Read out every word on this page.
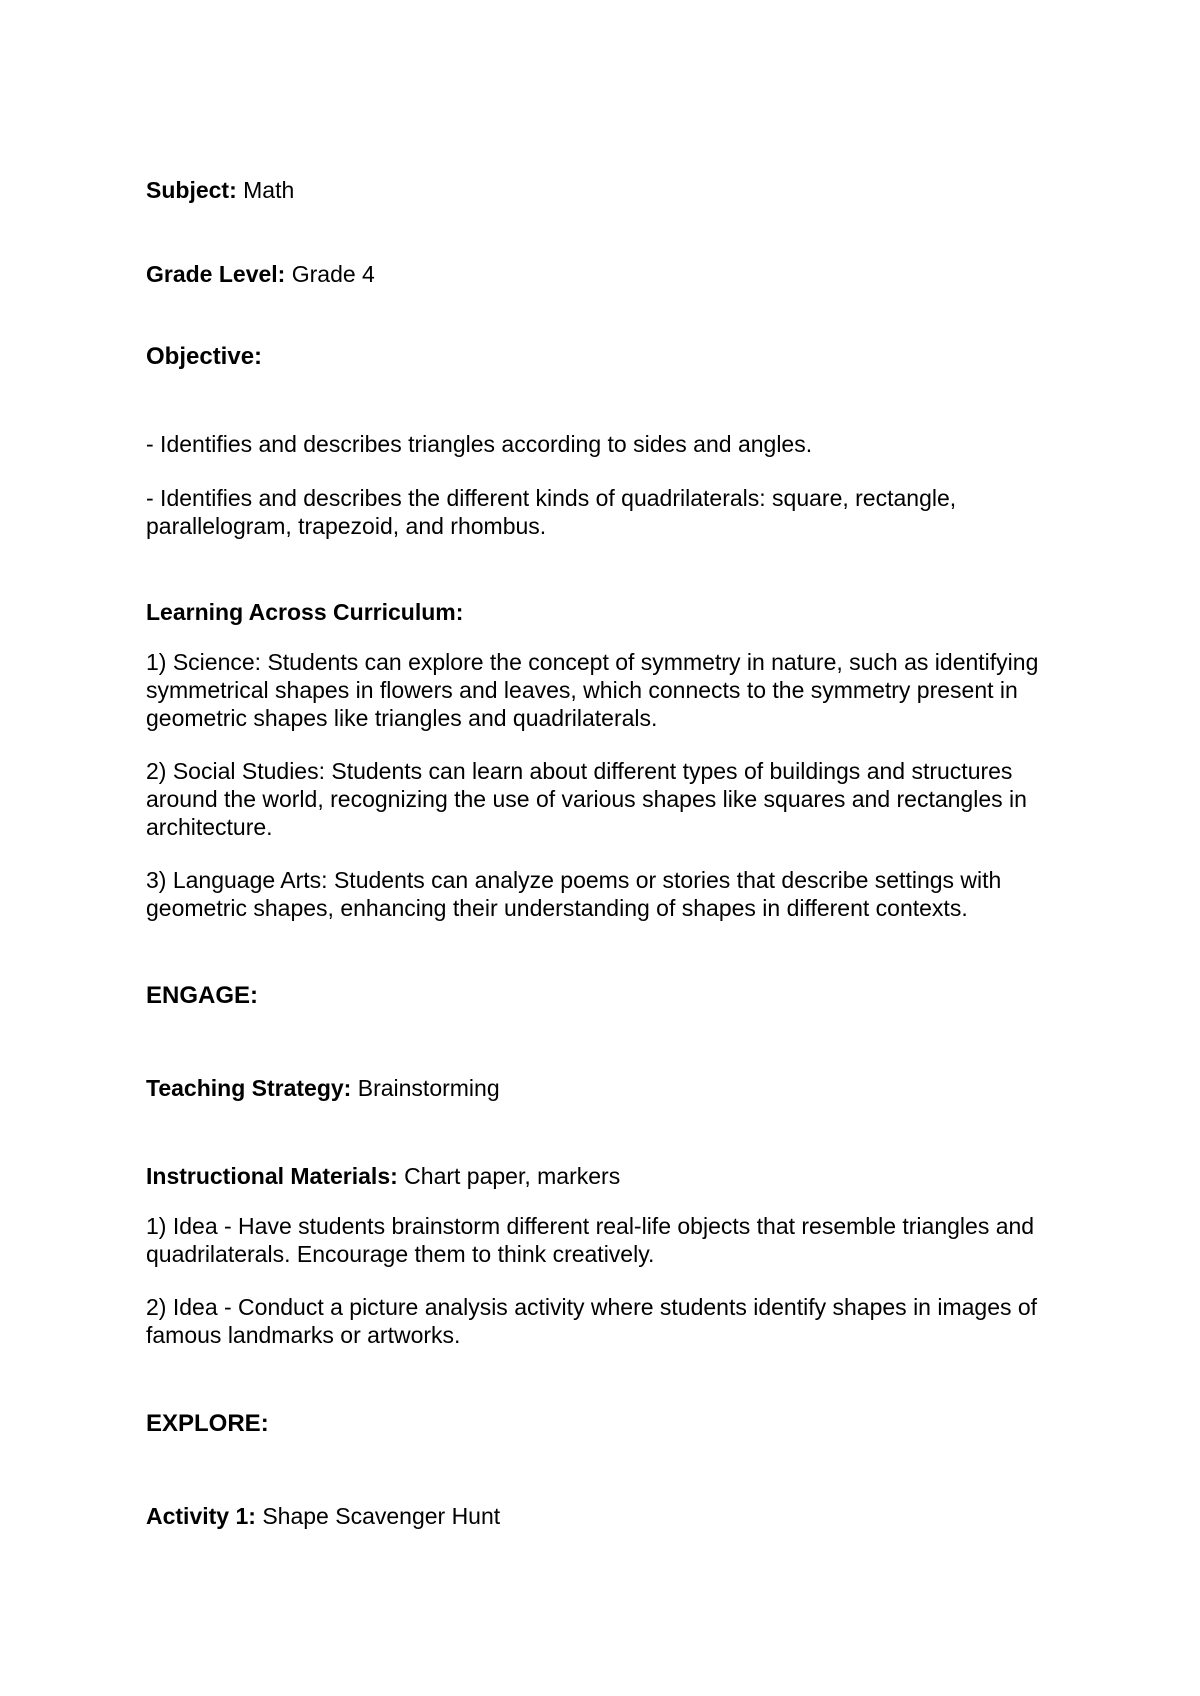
Subject: Math
Grade Level: Grade 4
Objective:
- Identifies and describes triangles according to sides and angles.
- Identifies and describes the different kinds of quadrilaterals: square, rectangle, parallelogram, trapezoid, and rhombus.
Learning Across Curriculum:
1) Science: Students can explore the concept of symmetry in nature, such as identifying symmetrical shapes in flowers and leaves, which connects to the symmetry present in geometric shapes like triangles and quadrilaterals.
2) Social Studies: Students can learn about different types of buildings and structures around the world, recognizing the use of various shapes like squares and rectangles in architecture.
3) Language Arts: Students can analyze poems or stories that describe settings with geometric shapes, enhancing their understanding of shapes in different contexts.
ENGAGE:
Teaching Strategy: Brainstorming
Instructional Materials: Chart paper, markers
1) Idea - Have students brainstorm different real-life objects that resemble triangles and quadrilaterals. Encourage them to think creatively.
2) Idea - Conduct a picture analysis activity where students identify shapes in images of famous landmarks or artworks.
EXPLORE:
Activity 1: Shape Scavenger Hunt
